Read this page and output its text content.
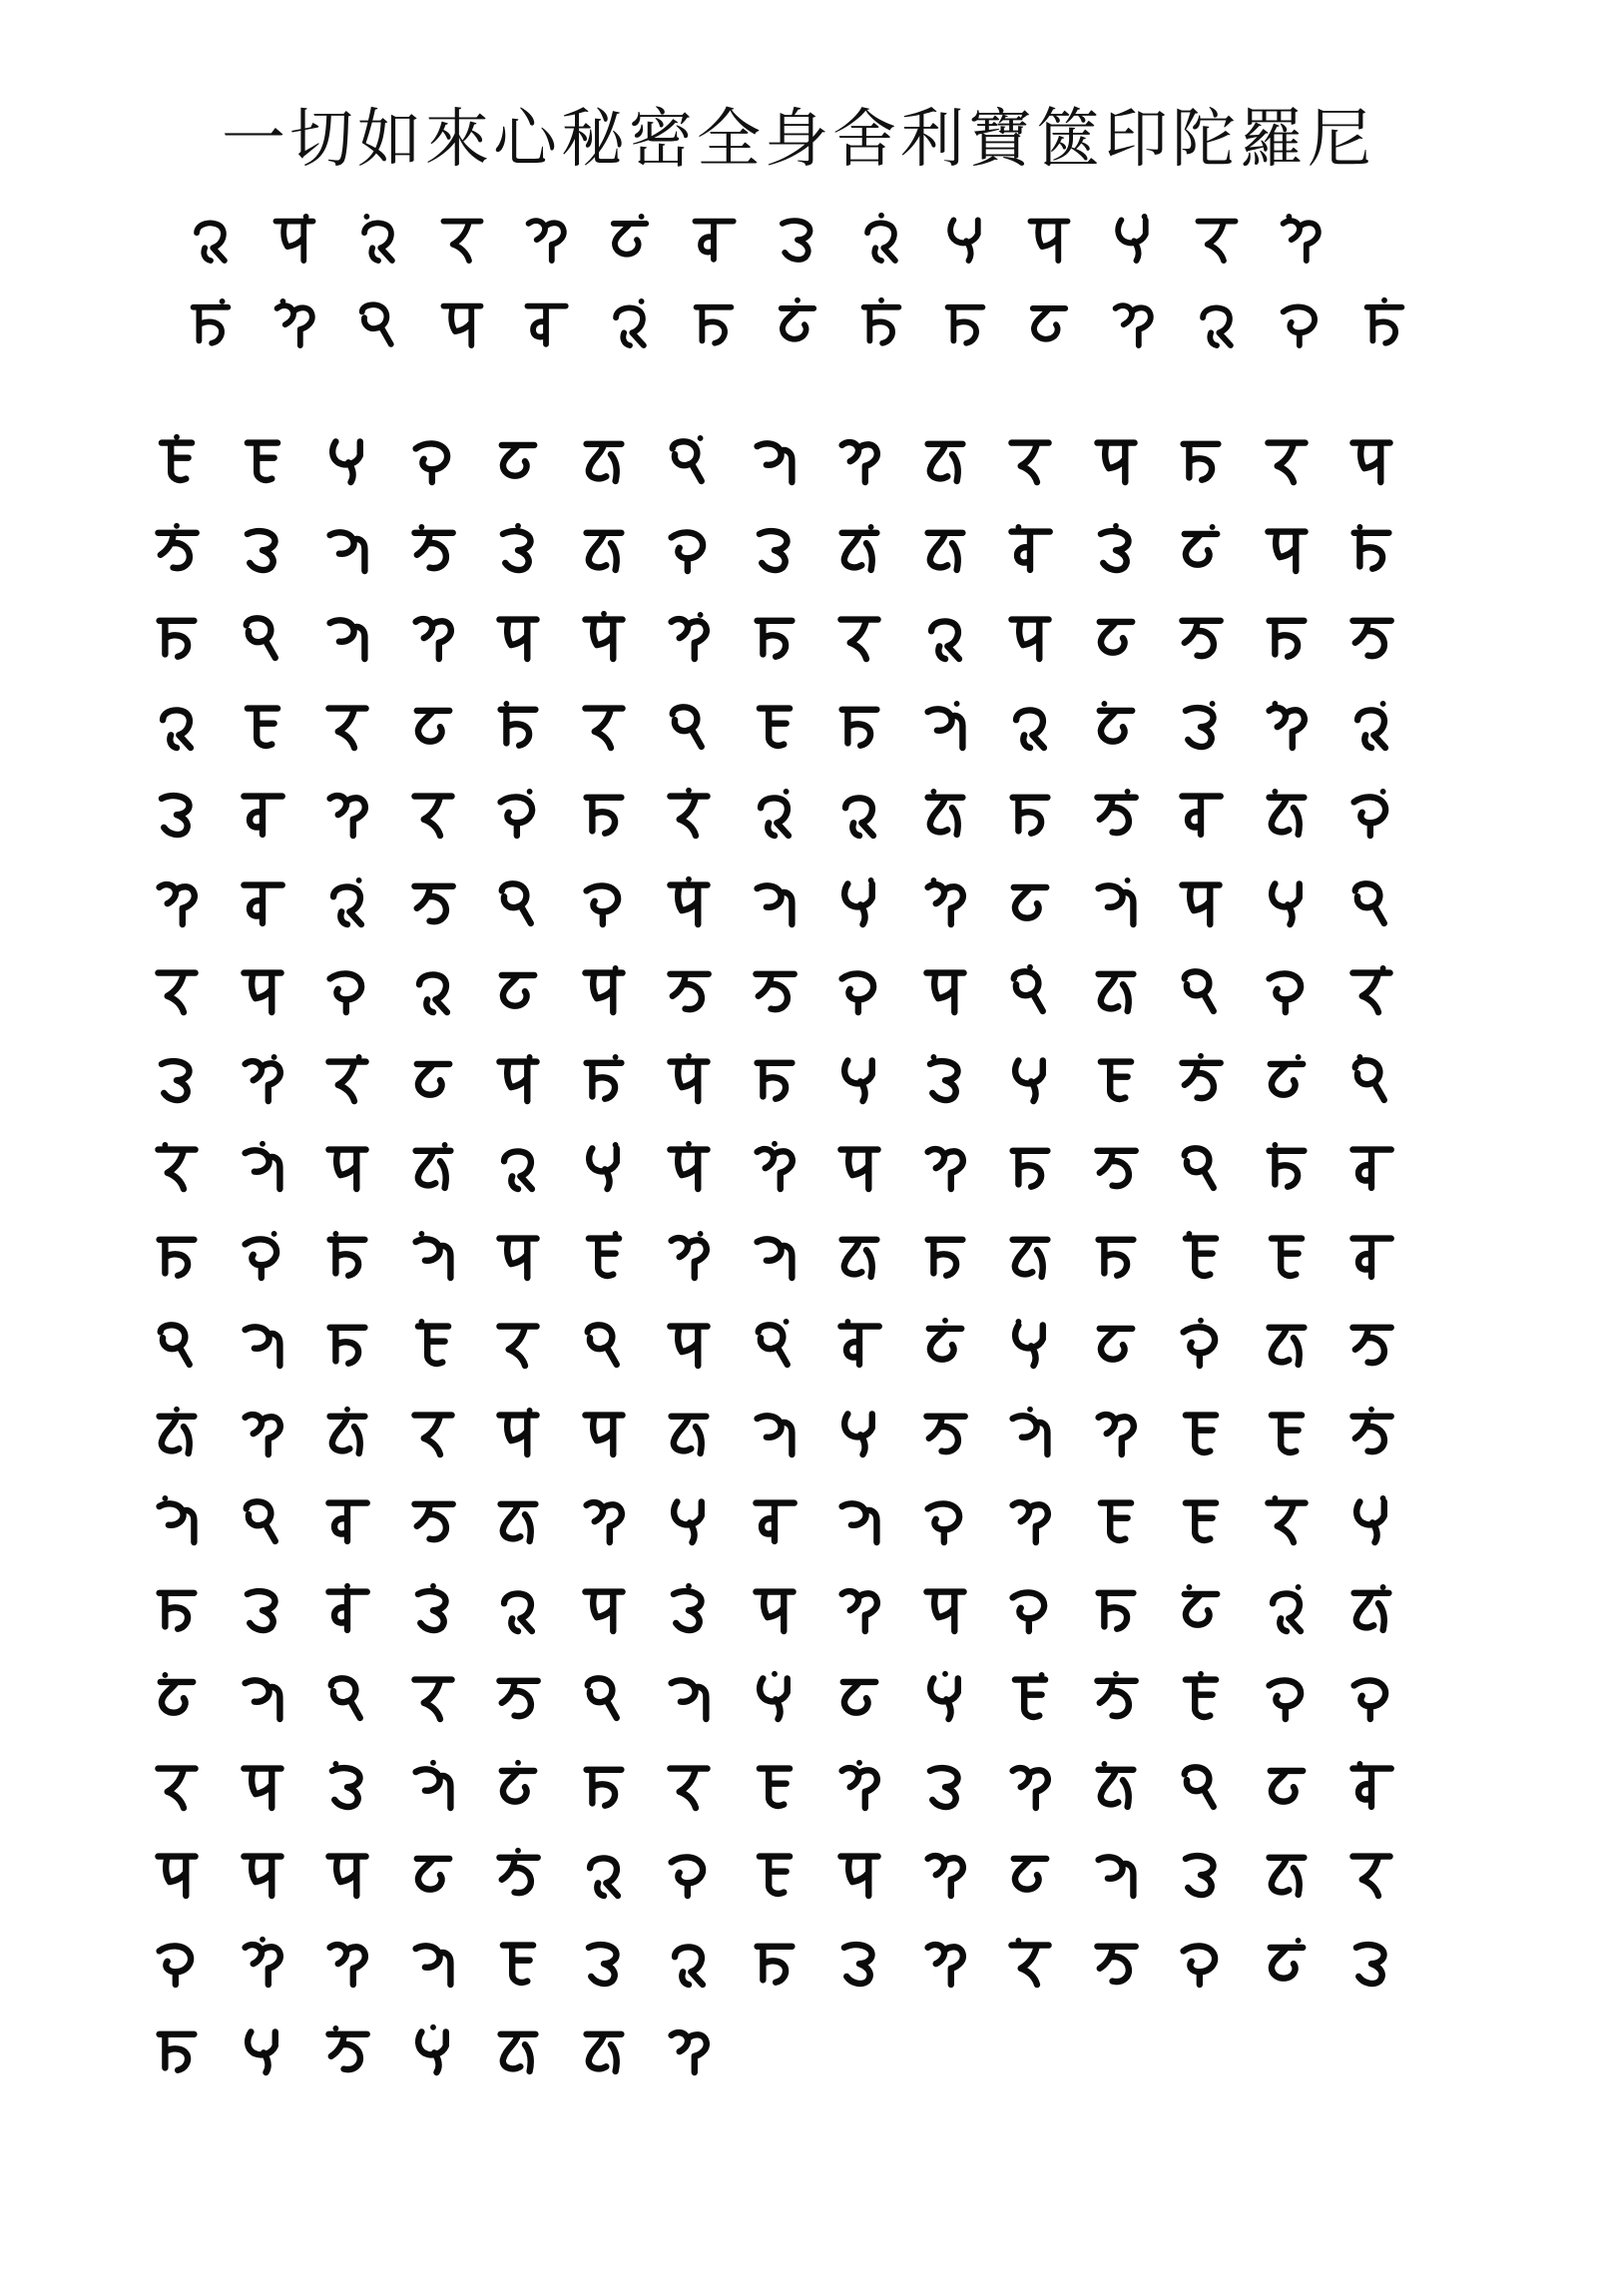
一切如來心秘密全身舍利寶篋印陀羅尼
